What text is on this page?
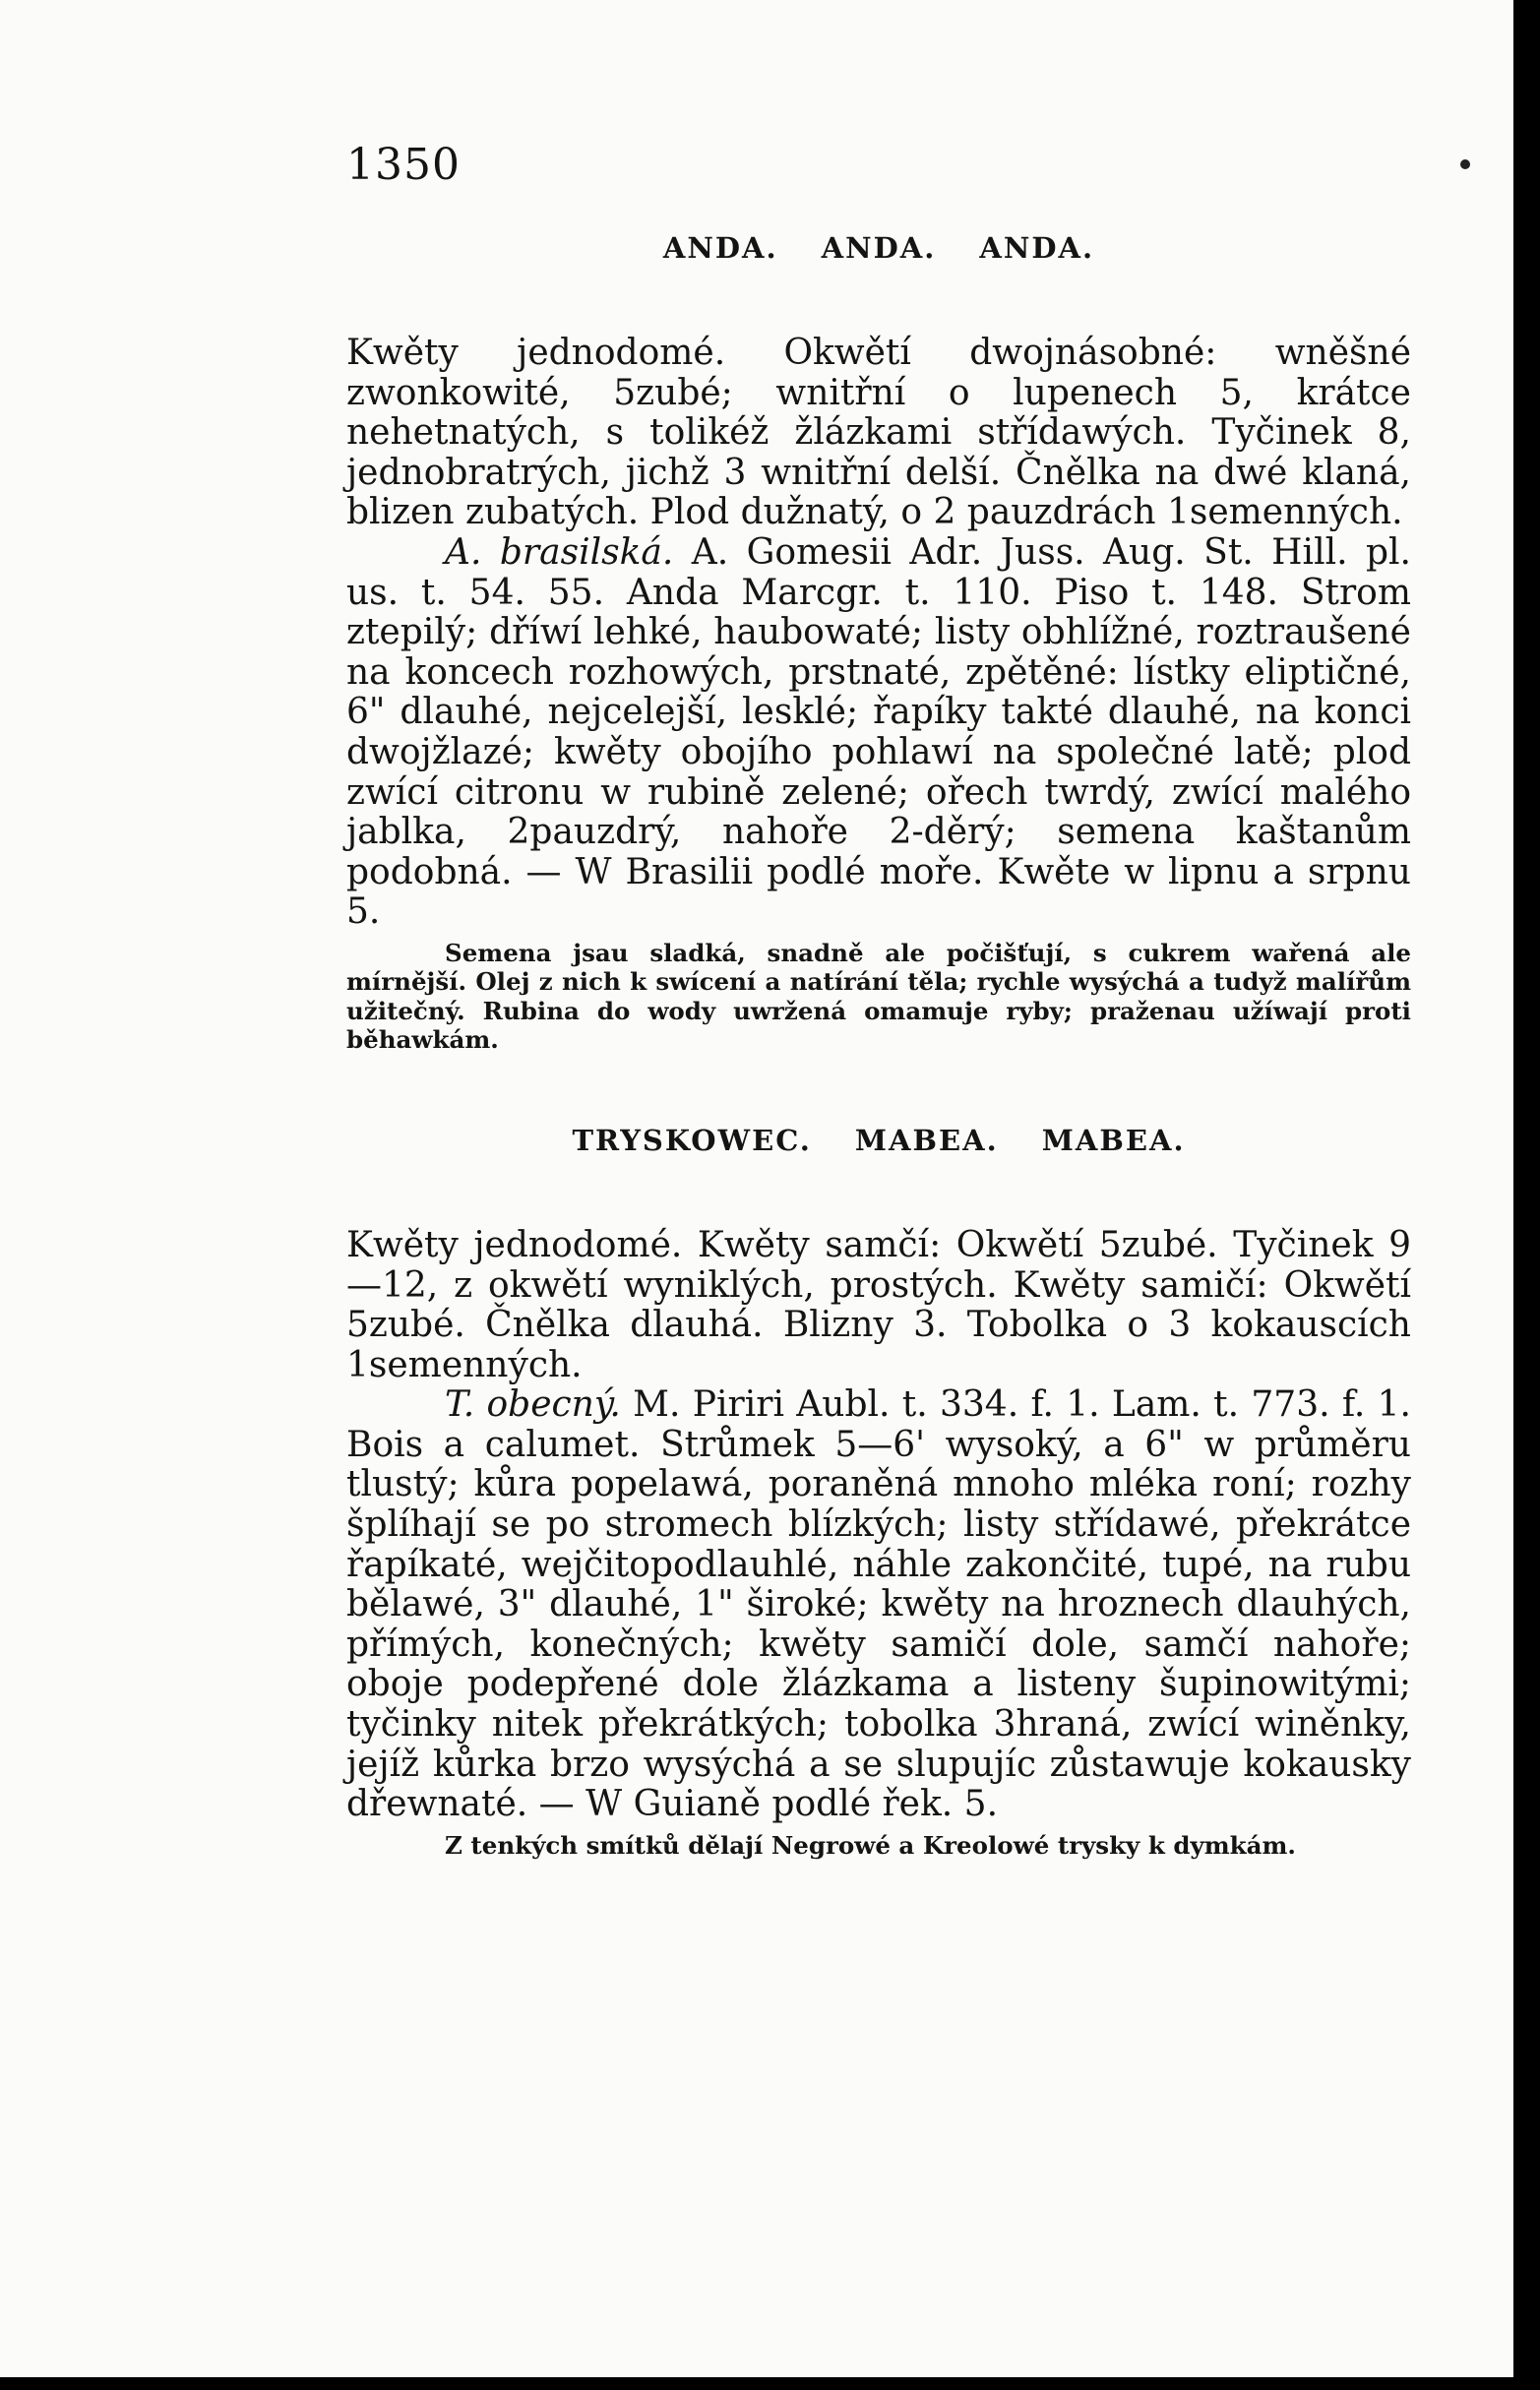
1350
ANDA. ANDA. ANDA.

Kwěty jednodomé. Okwětí dwojnásobné: wněšné zwonkowité, 5zubé; wnitřní o lupenech 5, krátce nehetnatých, s tolikéž žlázkami střídawých. Tyčinek 8, jednobratrých, jichž 3 wnitřní delší. Čnělka na dwé klaná, blizen zubatých. Plod dužnatý, o 2 pauzdrách 1semenných.

A. brasilská. A. Gomesii Adr. Juss. Aug. St. Hill. pl. us. t. 54. 55. Anda Marcgr. t. 110. Piso t. 148. Strom ztepilý; dříwí lehké, haubowaté; listy obhlížné, roztraušené na koncech rozhowých, prstnaté, zpětěné: lístky eliptičné, 6" dlauhé, nejcelejší, lesklé; řapíky takté dlauhé, na konci dwojžlazé; kwěty obojího pohlawí na společné latě; plod zwící citronu w rubině zelené; ořech twrdý, zwící malého jablka, 2pauzdrý, nahoře 2-děrý; semena kaštanům podobná. — W Brasilii podlé moře. Kwěte w lipnu a srpnu 5.

Semena jsau sladká, snadně ale počišťují, s cukrem wařená ale mírnější. Olej z nich k swícení a natírání těla; rychle wysýchá a tudyž malířům užitečný. Rubina do wody uwržená omamuje ryby; praženau užíwají proti běhawkám.

TRYSKOWEC. MABEA. MABEA.

Kwěty jednodomé. Kwěty samčí: Okwětí 5zubé. Tyčinek 9—12, z okwětí wyniklých, prostých. Kwěty samičí: Okwětí 5zubé. Čnělka dlauhá. Blizny 3. Tobolka o 3 kokauscích 1semenných.

T. obecný. M. Piriri Aubl. t. 334. f. 1. Lam. t. 773. f. 1. Bois a calumet. Strůmek 5—6' wysoký, a 6" w průměru tlustý; kůra popelawá, poraněná mnoho mléka roní; rozhy šplíhají se po stromech blízkých; listy střídawé, překrátce řapíkaté, wejčitopodlauhlé, náhle zakončité, tupé, na rubu bělawé, 3" dlauhé, 1" široké; kwěty na hroznech dlauhých, přímých, konečných; kwěty samičí dole, samčí nahoře; oboje podepřené dole žlázkama a listeny šupinowitými; tyčinky nitek překrátkých; tobolka 3hraná, zwící winěnky, jejíž kůrka brzo wysýchá a se slupujíc zůstawuje kokausky dřewnaté. — W Guianě podlé řek. 5.

Z tenkých smítků dělají Negrowé a Kreolowé trysky k dymkám.
